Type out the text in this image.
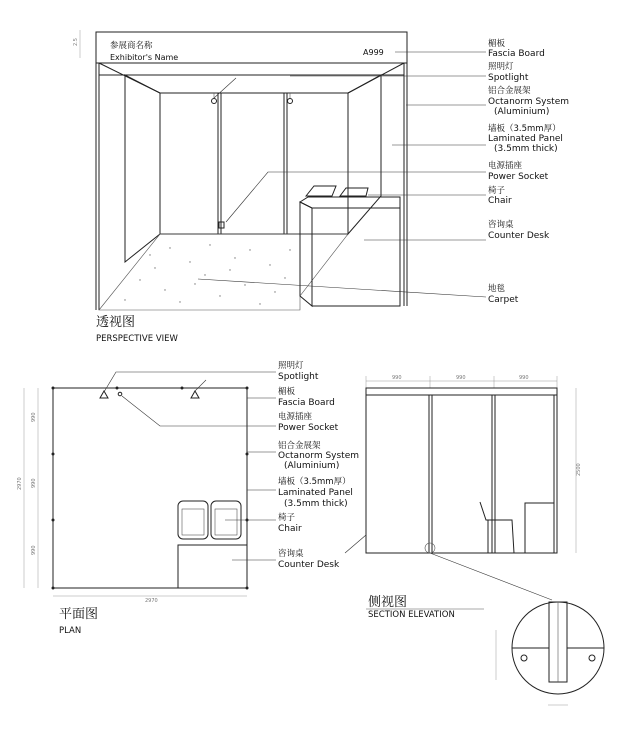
2.5	参展商名称
Exhibitor's Name
A999
楣板
Fascia Board
照明灯
Spotlight
铝合金展架
Octanorm System
(Aluminium)
墙板（3.5mm厚）
Laminated Panel
(3.5mm thick)
电源插座
Power Socket
椅子
Chair
咨询桌
Counter Desk
地毯
Carpet
透视图
PERSPECTIVE VIEW
2970
990
990
990
2970
照明灯
Spotlight
楣板
Fascia Board
电源插座
Power Socket
铝合金展架
Octanorm System
(Aluminium)
墙板（3.5mm厚）
Laminated Panel
(3.5mm thick)
椅子
Chair
咨询桌
Counter Desk
平面图
PLAN
990	990	990
2500
侧视图
SECTION ELEVATION
